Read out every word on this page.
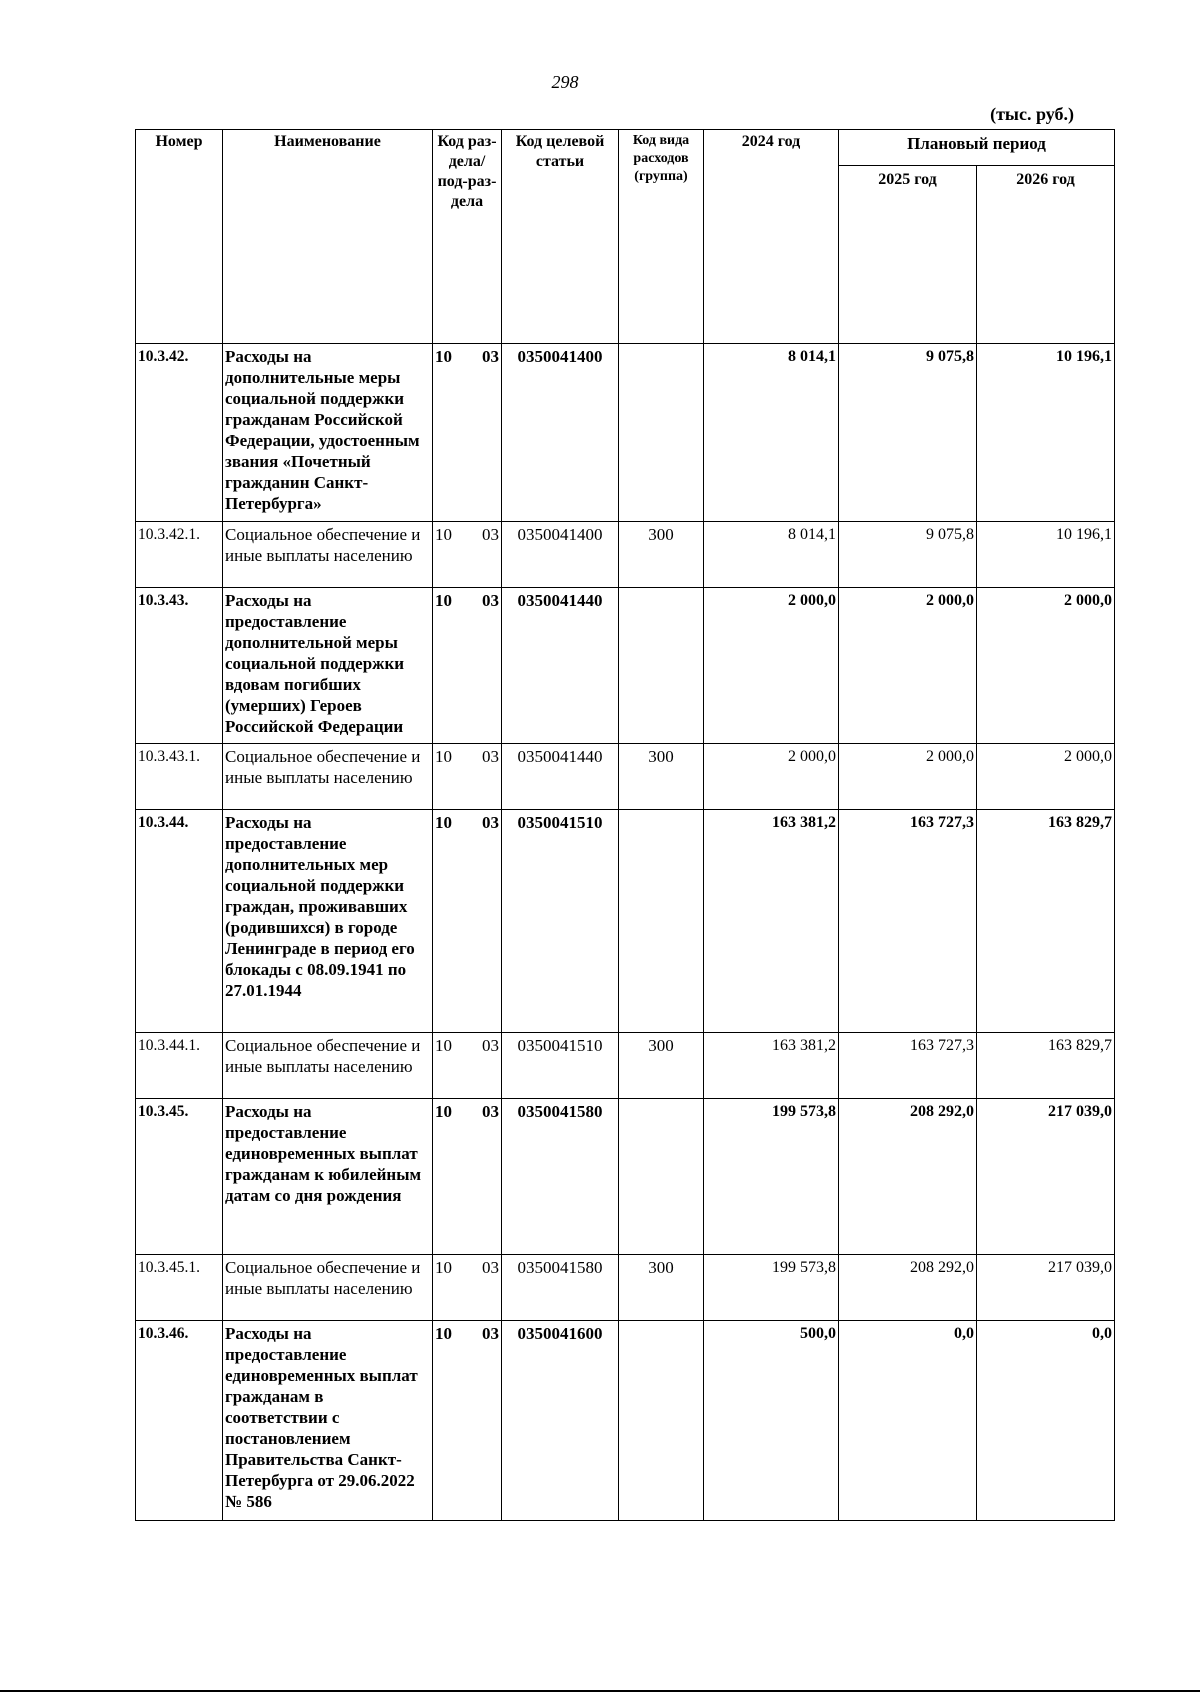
298
(тыс. руб.)
Номер	Наименование	Код раз-дела/ под-раз-дела	Код целевой статьи	Код вида расходов (группа)	2024 год	Плановый период	
						2025 год	2026 год
10.3.42.	Расходы на дополнительные меры социальной поддержки гражданам Российской Федерации, удостоенным звания «Почетный гражданин Санкт-Петербурга»	10 03	0350041400		8 014,1	9 075,8	10 196,1
10.3.42.1.	Социальное обеспечение и иные выплаты населению	10 03	0350041400	300	8 014,1	9 075,8	10 196,1
10.3.43.	Расходы на предоставление дополнительной меры социальной поддержки вдовам погибших (умерших) Героев Российской Федерации	10 03	0350041440		2 000,0	2 000,0	2 000,0
10.3.43.1.	Социальное обеспечение и иные выплаты населению	10 03	0350041440	300	2 000,0	2 000,0	2 000,0
10.3.44.	Расходы на предоставление дополнительных мер социальной поддержки граждан, проживавших (родившихся) в городе Ленинграде в период его блокады с 08.09.1941 по 27.01.1944	10 03	0350041510		163 381,2	163 727,3	163 829,7
10.3.44.1.	Социальное обеспечение и иные выплаты населению	10 03	0350041510	300	163 381,2	163 727,3	163 829,7
10.3.45.	Расходы на предоставление единовременных выплат гражданам к юбилейным датам со дня рождения	10 03	0350041580		199 573,8	208 292,0	217 039,0
10.3.45.1.	Социальное обеспечение и иные выплаты населению	10 03	0350041580	300	199 573,8	208 292,0	217 039,0
10.3.46.	Расходы на предоставление единовременных выплат гражданам в соответствии с постановлением Правительства Санкт-Петербурга от 29.06.2022 № 586	10 03	0350041600		500,0	0,0	0,0
